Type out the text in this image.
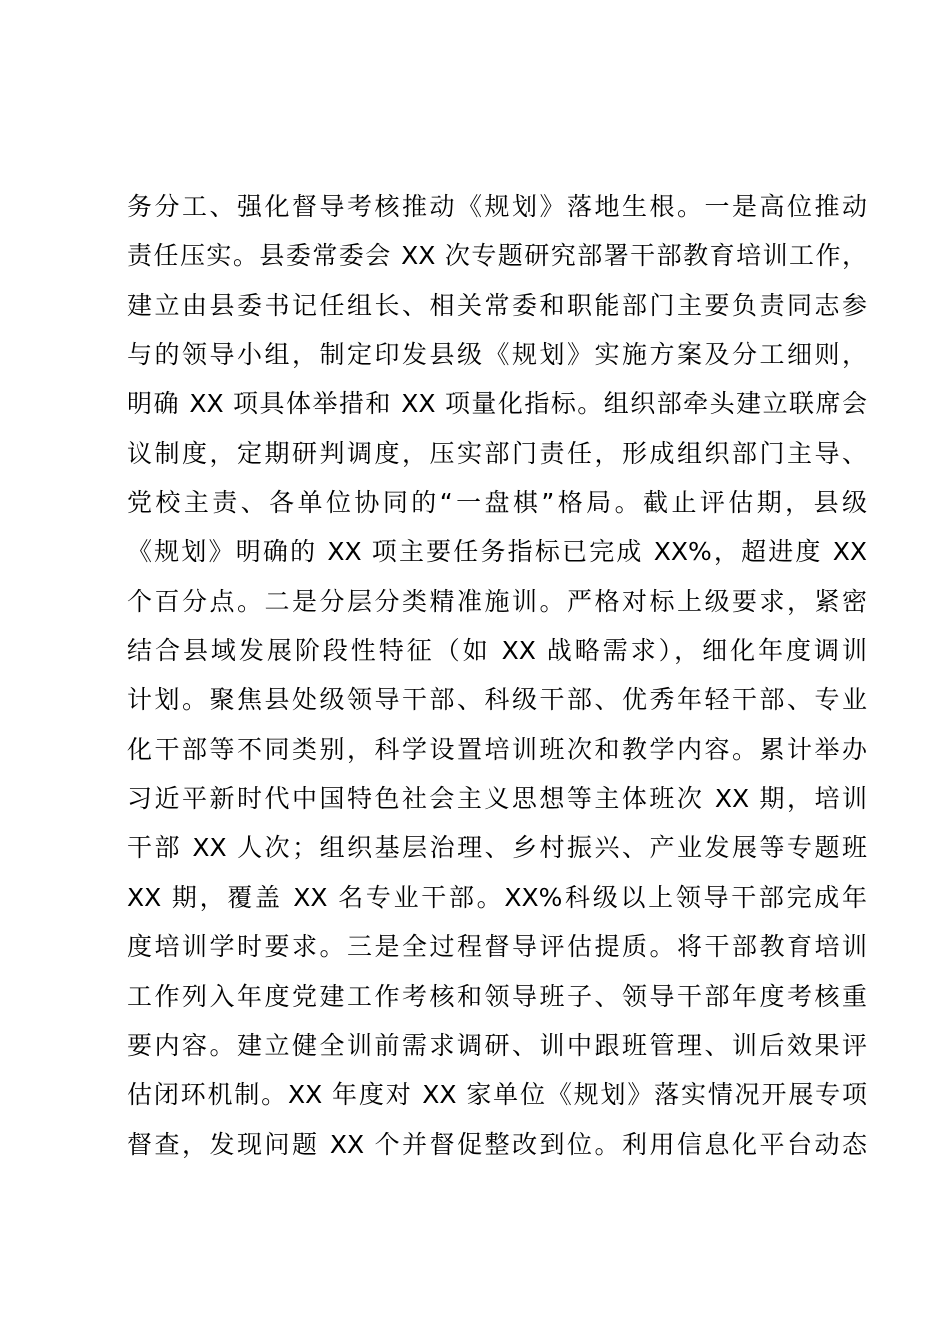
务分工、强化督导考核推动《规划》落地生根。一是高位推动
责任压实。县委常委会 XX 次专题研究部署干部教育培训工作，
建立由县委书记任组长、相关常委和职能部门主要负责同志参
与的领导小组，制定印发县级《规划》实施方案及分工细则，
明确 XX 项具体举措和 XX 项量化指标。组织部牵头建立联席会
议制度，定期研判调度，压实部门责任，形成组织部门主导、
党校主责、各单位协同的“一盘棋”格局。截止评估期，县级
《规划》明确的 XX 项主要任务指标已完成 XX%，超进度 XX
个百分点。二是分层分类精准施训。严格对标上级要求，紧密
结合县域发展阶段性特征（如 XX 战略需求），细化年度调训
计划。聚焦县处级领导干部、科级干部、优秀年轻干部、专业
化干部等不同类别，科学设置培训班次和教学内容。累计举办
习近平新时代中国特色社会主义思想等主体班次 XX 期，培训
干部 XX 人次；组织基层治理、乡村振兴、产业发展等专题班
XX 期，覆盖 XX 名专业干部。XX%科级以上领导干部完成年
度培训学时要求。三是全过程督导评估提质。将干部教育培训
工作列入年度党建工作考核和领导班子、领导干部年度考核重
要内容。建立健全训前需求调研、训中跟班管理、训后效果评
估闭环机制。XX 年度对 XX 家单位《规划》落实情况开展专项
督查，发现问题 XX 个并督促整改到位。利用信息化平台动态
